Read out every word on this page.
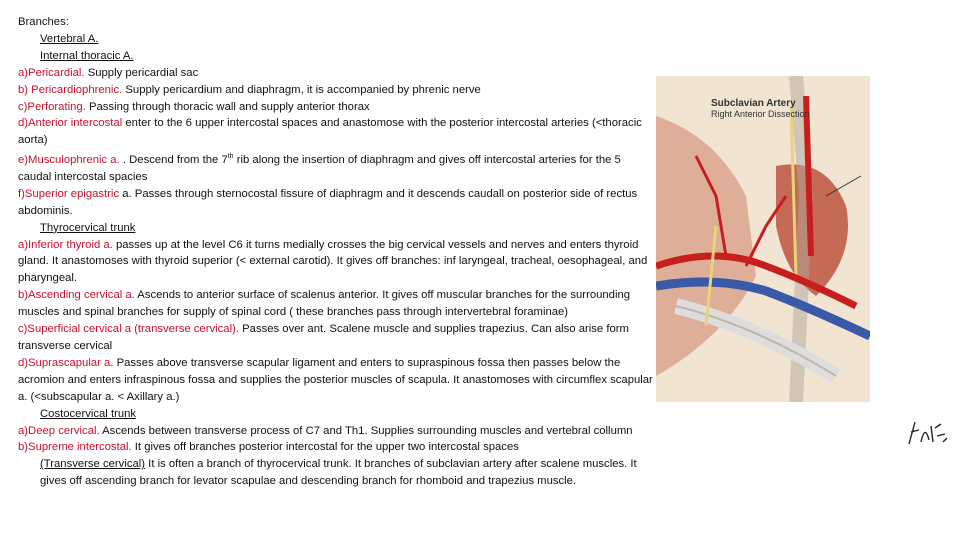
Branches:

Vertebral A.

Internal thoracic A.

a)Pericardial. Supply pericardial sac

b) Pericardiophrenic. Supply pericardium and diaphragm, it is accompanied by phrenic nerve

c)Perforating. Passing through thoracic wall and supply anterior thorax

d)Anterior intercostal enter to the 6 upper intercostal spaces and anastomose with the posterior intercostal arteries (<thoracic aorta)

e)Musculophrenic a. . Descend from the 7th rib along the insertion of diaphragm and gives off intercostal arteries for the 5 caudal intercostal spacies

f)Superior epigastric a. Passes through sternocostal fissure of diaphragm and it descends caudall on posterior side of rectus abdominis.

Thyrocervical trunk

a)Inferior thyroid a. passes up at the level C6 it turns medially crosses the big cervical vessels and nerves and enters thyroid gland. It anastomoses with thyroid superior (< external carotid). It gives off branches: inf laryngeal, tracheal, oesophageal, and pharyngeal.

b)Ascending cervical a. Ascends to anterior surface of scalenus anterior. It gives off muscular branches for the surrounding muscles and spinal branches for supply of spinal cord ( these branches pass through intervertebral foraminae)

c)Superficial cervical a (transverse cervical). Passes over ant. Scalene muscle and supplies trapezius. Can also arise form transverse cervical

d)Suprascapular a. Passes above transverse scapular ligament and enters to supraspinous fossa then passes below the acromion and enters infraspinous fossa and supplies the posterior muscles of scapula. It anastomoses with circumflex scapular a. (<subscapular a. < Axillary a.)

Costocervical trunk

a)Deep cervical. Ascends between transverse process of C7 and Th1. Supplies surrounding muscles and vertebral collumn

b)Supreme intercostal. It gives off branches posterior intercostal for the upper two intercostal spaces

(Transverse cervical) It is often a branch of thyrocervical trunk. It branches of subclavian artery after scalene muscles. It gives off ascending branch for levator scapulae and descending branch for rhomboid and trapezius muscle.

Subclavian Artery
Right Anterior Dissection
